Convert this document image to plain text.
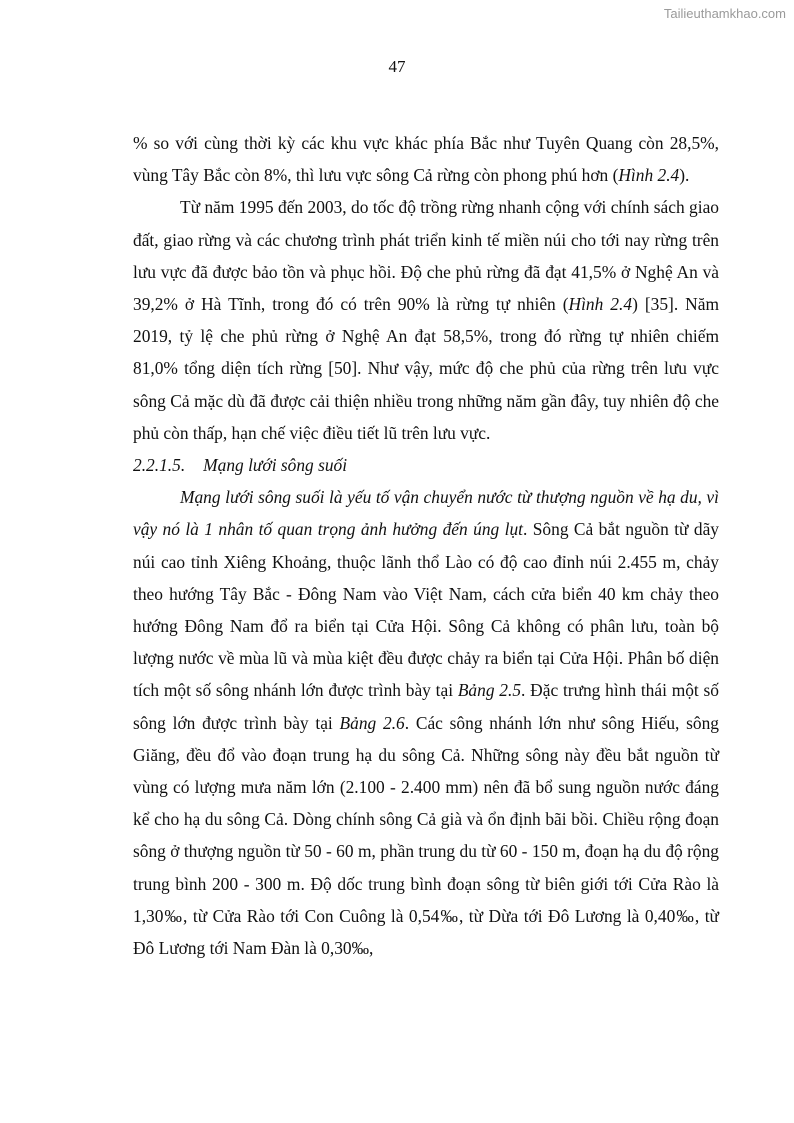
Tailieuthamkhao.com
47

% so với cùng thời kỳ các khu vực khác phía Bắc như Tuyên Quang còn 28,5%, vùng Tây Bắc còn 8%, thì lưu vực sông Cả rừng còn phong phú hơn (Hình 2.4).

Từ năm 1995 đến 2003, do tốc độ trồng rừng nhanh cộng với chính sách giao đất, giao rừng và các chương trình phát triển kinh tế miền núi cho tới nay rừng trên lưu vực đã được bảo tồn và phục hồi. Độ che phủ rừng đã đạt 41,5% ở Nghệ An và 39,2% ở Hà Tĩnh, trong đó có trên 90% là rừng tự nhiên (Hình 2.4) [35]. Năm 2019, tỷ lệ che phủ rừng ở Nghệ An đạt 58,5%, trong đó rừng tự nhiên chiếm 81,0% tổng diện tích rừng [50]. Như vậy, mức độ che phủ của rừng trên lưu vực sông Cả mặc dù đã được cải thiện nhiều trong những năm gần đây, tuy nhiên độ che phủ còn thấp, hạn chế việc điều tiết lũ trên lưu vực.

2.2.1.5. Mạng lưới sông suối

Mạng lưới sông suối là yếu tố vận chuyển nước từ thượng nguồn về hạ du, vì vậy nó là 1 nhân tố quan trọng ảnh hưởng đến úng lụt. Sông Cả bắt nguồn từ dãy núi cao tỉnh Xiêng Khoảng, thuộc lãnh thổ Lào có độ cao đỉnh núi 2.455 m, chảy theo hướng Tây Bắc - Đông Nam vào Việt Nam, cách cửa biển 40 km chảy theo hướng Đông Nam đổ ra biển tại Cửa Hội. Sông Cả không có phân lưu, toàn bộ lượng nước về mùa lũ và mùa kiệt đều được chảy ra biển tại Cửa Hội. Phân bố diện tích một số sông nhánh lớn được trình bày tại Bảng 2.5. Đặc trưng hình thái một số sông lớn được trình bày tại Bảng 2.6. Các sông nhánh lớn như sông Hiếu, sông Giăng, đều đổ vào đoạn trung hạ du sông Cả. Những sông này đều bắt nguồn từ vùng có lượng mưa năm lớn (2.100 - 2.400 mm) nên đã bổ sung nguồn nước đáng kể cho hạ du sông Cả. Dòng chính sông Cả già và ổn định bãi bồi. Chiều rộng đoạn sông ở thượng nguồn từ 50 - 60 m, phần trung du từ 60 - 150 m, đoạn hạ du độ rộng trung bình 200 - 300 m. Độ dốc trung bình đoạn sông từ biên giới tới Cửa Rào là 1,30‰, từ Cửa Rào tới Con Cuông là 0,54‰, từ Dừa tới Đô Lương là 0,40‰, từ Đô Lương tới Nam Đàn là 0,30‰,
